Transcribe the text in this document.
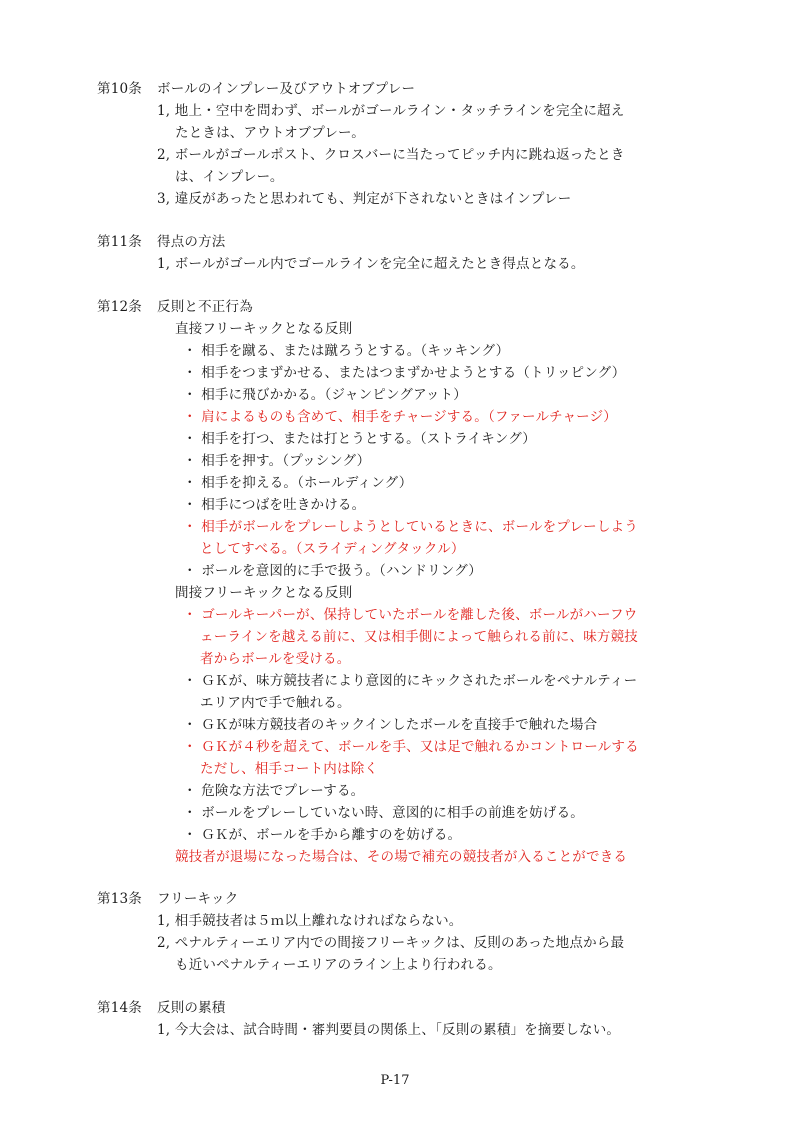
第10条 ボールのインプレー及びアウトオブプレー
1, 地上・空中を問わず、ボールがゴールライン・タッチラインを完全に超え
たときは、アウトオブプレー。
2, ボールがゴールポスト、クロスバーに当たってピッチ内に跳ね返ったとき
は、インプレー。
3, 違反があったと思われても、判定が下されないときはインプレー
第11条 得点の方法
1, ボールがゴール内でゴールラインを完全に超えたとき得点となる。
第12条 反則と不正行為
直接フリーキックとなる反則
・ 相手を蹴る、または蹴ろうとする。（キッキング）
・ 相手をつまずかせる、またはつまずかせようとする（トリッピング）
・ 相手に飛びかかる。（ジャンピングアット）
・ 肩によるものも含めて、相手をチャージする。（ファールチャージ）
・ 相手を打つ、または打とうとする。（ストライキング）
・ 相手を押す。（プッシング）
・ 相手を抑える。（ホールディング）
・ 相手につばを吐きかける。
・ 相手がボールをプレーしようとしているときに、ボールをプレーしよう
としてすべる。（スライディングタックル）
・ ボールを意図的に手で扱う。（ハンドリング）
間接フリーキックとなる反則
・ ゴールキーパーが、保持していたボールを離した後、ボールがハーフウ
ェーラインを越える前に、又は相手側によって触られる前に、味方競技
者からボールを受ける。
・ ＧＫが、味方競技者により意図的にキックされたボールをペナルティー
エリア内で手で触れる。
・ ＧＫが味方競技者のキックインしたボールを直接手で触れた場合
・ ＧＫが４秒を超えて、ボールを手、又は足で触れるかコントロールする
ただし、相手コート内は除く
・ 危険な方法でプレーする。
・ ボールをプレーしていない時、意図的に相手の前進を妨げる。
・ ＧＫが、ボールを手から離すのを妨げる。
競技者が退場になった場合は、その場で補充の競技者が入ることができる
第13条 フリーキック
1, 相手競技者は５ｍ以上離れなければならない。
2, ペナルティーエリア内での間接フリーキックは、反則のあった地点から最
も近いペナルティーエリアのライン上より行われる。
第14条 反則の累積
1, 今大会は、試合時間・審判要員の関係上、「反則の累積」を摘要しない。
P-17
